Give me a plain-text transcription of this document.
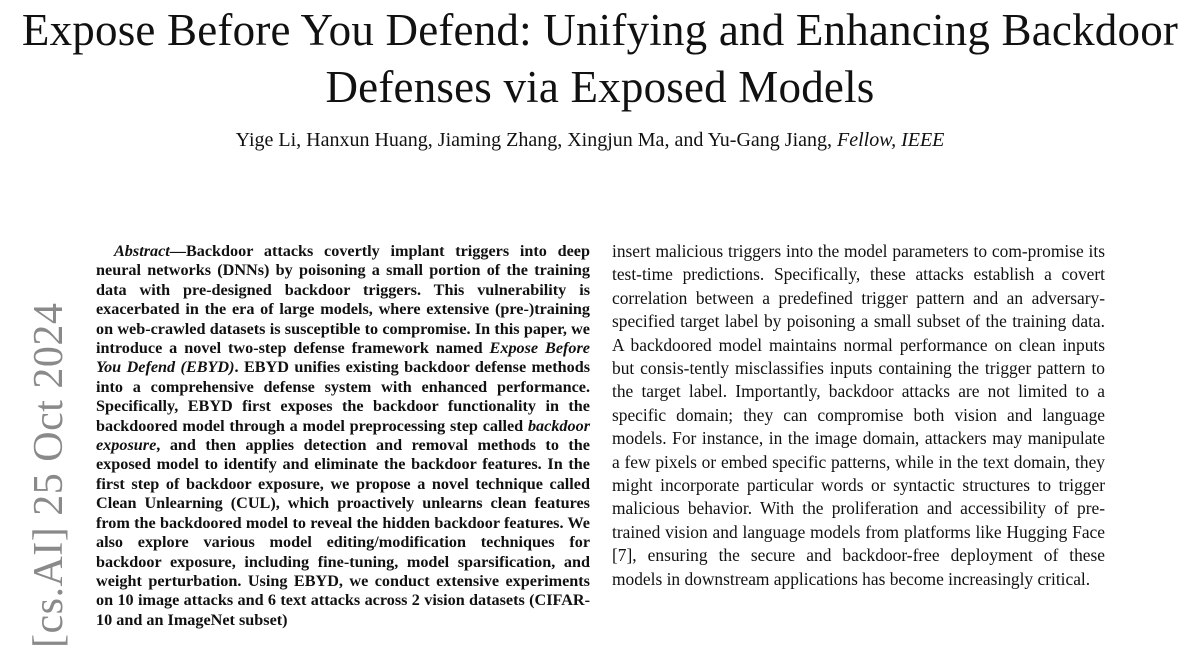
Expose Before You Defend: Unifying and Enhancing Backdoor Defenses via Exposed Models
Yige Li, Hanxun Huang, Jiaming Zhang, Xingjun Ma, and Yu-Gang Jiang, Fellow, IEEE
[cs.AI] 25 Oct 2024

Abstract—Backdoor attacks covertly implant triggers into deep neural networks (DNNs) by poisoning a small portion of the training data with pre-designed backdoor triggers. This vulnerability is exacerbated in the era of large models, where extensive (pre-)training on web-crawled datasets is susceptible to compromise. In this paper, we introduce a novel two-step defense framework named Expose Before You Defend (EBYD). EBYD unifies existing backdoor defense methods into a comprehensive defense system with enhanced performance. Specifically, EBYD first exposes the backdoor functionality in the backdoored model through a model preprocessing step called backdoor exposure, and then applies detection and removal methods to the exposed model to identify and eliminate the backdoor features. In the first step of backdoor exposure, we propose a novel technique called Clean Unlearning (CUL), which proactively unlearns clean features from the backdoored model to reveal the hidden backdoor features. We also explore various model editing/modification techniques for backdoor exposure, including fine-tuning, model sparsification, and weight perturbation. Using EBYD, we conduct extensive experiments on 10 image attacks and 6 text attacks across 2 vision datasets (CIFAR-10 and an ImageNet subset)

insert malicious triggers into the model parameters to com-promise its test-time predictions. Specifically, these attacks establish a covert correlation between a predefined trigger pattern and an adversary-specified target label by poisoning a small subset of the training data. A backdoored model maintains normal performance on clean inputs but consis-tently misclassifies inputs containing the trigger pattern to the target label. Importantly, backdoor attacks are not limited to a specific domain; they can compromise both vision and language models. For instance, in the image domain, attackers may manipulate a few pixels or embed specific patterns, while in the text domain, they might incorporate particular words or syntactic structures to trigger malicious behavior. With the proliferation and accessibility of pre-trained vision and language models from platforms like Hugging Face [7], ensuring the secure and backdoor-free deployment of these models in downstream applications has become increasingly critical.
